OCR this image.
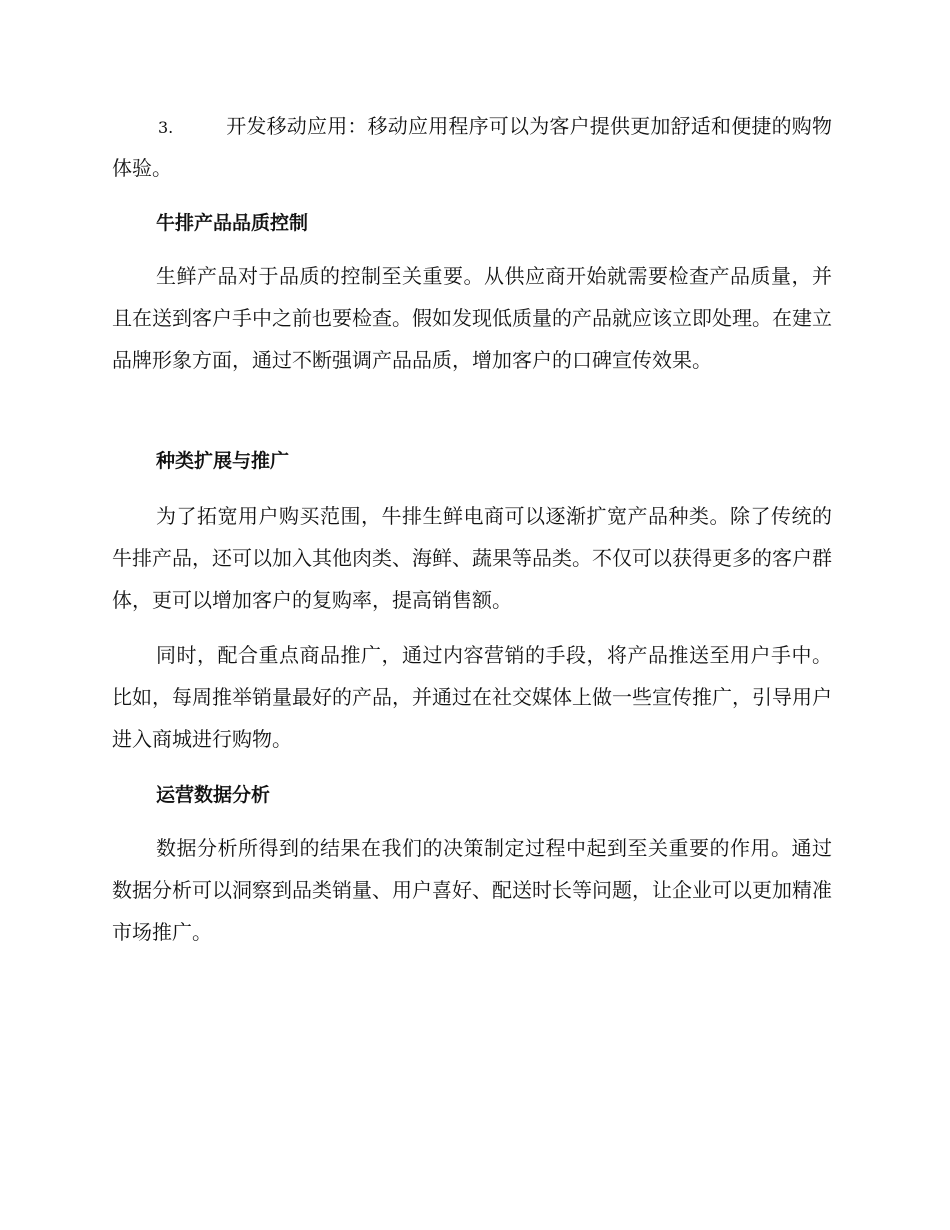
3.	开发移动应用：移动应用程序可以为客户提供更加舒适和便捷的购物体验。

牛排产品品质控制

生鲜产品对于品质的控制至关重要。从供应商开始就需要检查产品质量，并且在送到客户手中之前也要检查。假如发现低质量的产品就应该立即处理。在建立品牌形象方面，通过不断强调产品品质，增加客户的口碑宣传效果。

种类扩展与推广

为了拓宽用户购买范围，牛排生鲜电商可以逐渐扩宽产品种类。除了传统的牛排产品，还可以加入其他肉类、海鲜、蔬果等品类。不仅可以获得更多的客户群体，更可以增加客户的复购率，提高销售额。

同时，配合重点商品推广，通过内容营销的手段，将产品推送至用户手中。比如，每周推举销量最好的产品，并通过在社交媒体上做一些宣传推广，引导用户进入商城进行购物。

运营数据分析

数据分析所得到的结果在我们的决策制定过程中起到至关重要的作用。通过数据分析可以洞察到品类销量、用户喜好、配送时长等问题，让企业可以更加精准市场推广。
